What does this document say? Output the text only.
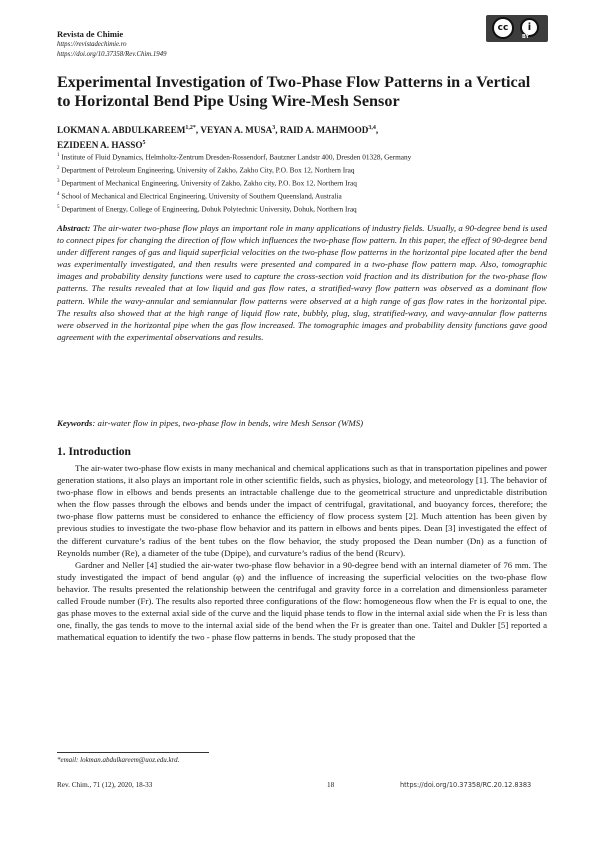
Revista de Chimie
https://revistadechimie.ro
https://doi.org/10.37358/Rev.Chim.1949
cc	i
BY
Experimental Investigation of Two-Phase Flow Patterns in a Vertical to Horizontal Bend Pipe Using Wire-Mesh Sensor
LOKMAN A. $ABDULKAREEM^{1,2*}$, VEYAN A. MUSA$^3$, RAID A. MAHMOOD$^{3,4}$,
EZIDEEN A. HASSO$^5$
$^1$ Institute of Fluid Dynamics, Helmholtz-Zentrum Dresden-Rossendorf, Bautzner Landstr 400, Dresden 01328, Germany
$^2$ Department of Petroleum Engineering, University of Zakho, Zakho City, P.O. Box 12, Northern Iraq
$^3$ Department of Mechanical Engineering, University of Zakho, Zakho city, P.O. Box 12, Northern Iraq
$^4$ School of Mechanical and Electrical Engineering, University of Southern Queensland, Australia
$^5$ Department of Energy, College of Engineering, Dohuk Polytechnic University, Dohuk, Northern Iraq
Abstract: The air-water two-phase flow plays an important role in many applications of industry fields. Usually, a 90-degree bend is used to connect pipes for changing the direction of flow which influences the two-phase flow pattern. In this paper, the effect of 90-degree bend under different ranges of gas and liquid superficial velocities on the two-phase flow patterns in the horizontal pipe located after the bend was experimentally investigated, and then results were presented and compared in a two-phase flow pattern map. Also, tomographic images and probability density functions were used to capture the cross-section void fraction and its distribution for the two-phase flow patterns. The results revealed that at low liquid and gas flow rates, a stratified-wavy flow pattern was observed as a dominant flow pattern. While the wavy-annular and semiannular flow patterns were observed at a high range of gas flow rates in the horizontal pipe. The results also showed that at the high range of liquid flow rate, bubbly, plug, slug, stratified-wavy, and wavy-annular flow patterns were observed in the horizontal pipe when the gas flow increased. The tomographic images and probability density functions gave good agreement with the experimental observations and results.
Keywords: air-water flow in pipes, two-phase flow in bends, wire Mesh Sensor (WMS)
1. Introduction

The air-water two-phase flow exists in many mechanical and chemical applications such as that in transportation pipelines and power generation stations, it also plays an important role in other scientific fields, such as physics, biology, and meteorology [1]. The behavior of two-phase flow in elbows and bends presents an intractable challenge due to the geometrical structure and unpredictable distribution when the flow passes through the elbows and bends under the impact of centrifugal, gravitational, and buoyancy forces, therefore; the two-phase flow patterns must be considered to enhance the efficiency of flow process system [2]. Much attention has been given by previous studies to investigate the two-phase flow behavior and its pattern in elbows and bents pipes. Dean [3] investigated the effect of the different curvature’s radius of the bent tubes on the flow behavior, the study proposed the Dean number (Dn) as a function of Reynolds number (Re), a diameter of the tube (Dpipe), and curvature’s radius of the bend (Rcurv).

Gardner and Neller [4] studied the air-water two-phase flow behavior in a 90-degree bend with an internal diameter of 76 mm. The study investigated the impact of bend angular (φ) and the influence of increasing the superficial velocities on the two-phase flow behavior. The results presented the relationship between the centrifugal and gravity force in a correlation and dimensionless parameter called Froude number (Fr). The results also reported three configurations of the flow: homogeneous flow when the Fr is equal to one, the gas phase moves to the external axial side of the curve and the liquid phase tends to flow in the internal axial side when the Fr is less than one, finally, the gas tends to move to the internal axial side of the bend when the Fr is greater than one. Taitel and Dukler [5] reported a mathematical equation to identify the two - phase flow patterns in bends. The study proposed that the

*email: lokman.abdulkareem@uoz.edu.krd.
Rev. Chim., 71 (12), 2020, 18-33	18	https://doi.org/10.37358/RC.20.12.8383
